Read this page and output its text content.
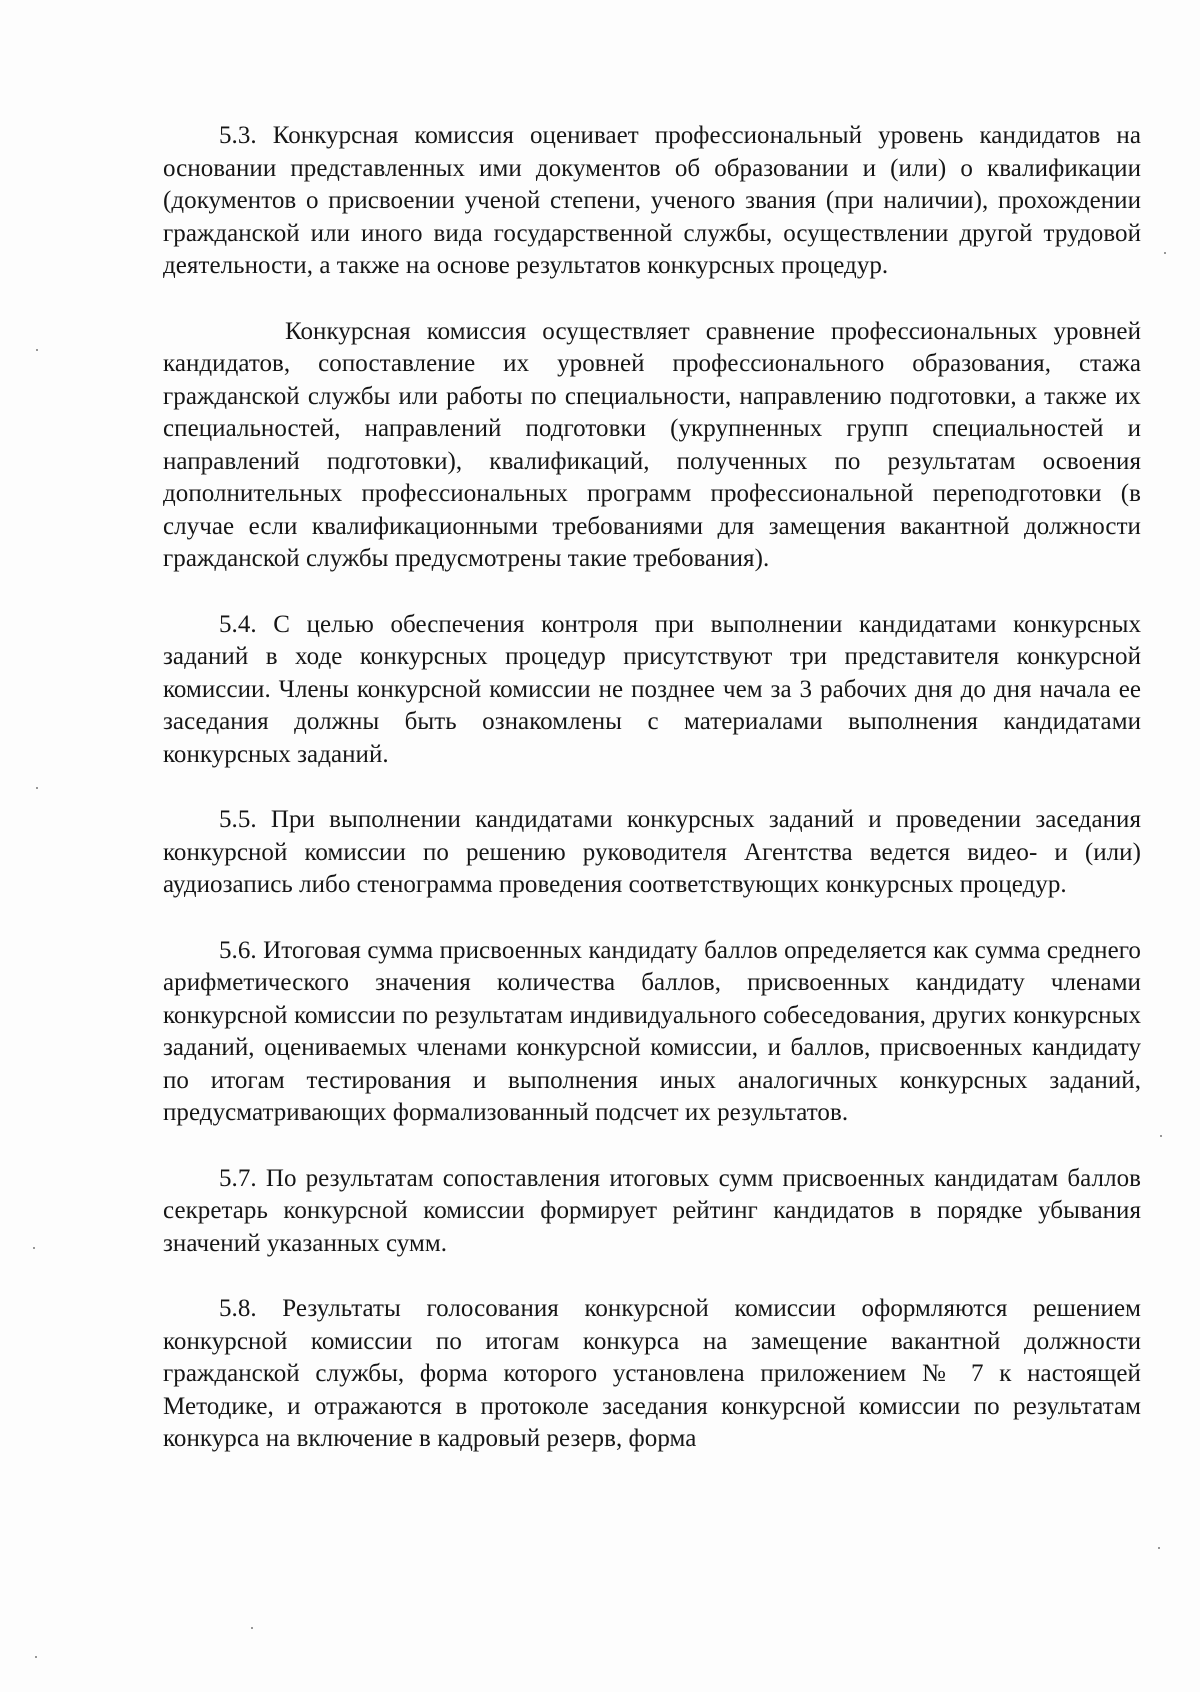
5.3. Конкурсная комиссия оценивает профессиональный уровень кандидатов на основании представленных ими документов об образовании и (или) о квалификации (документов о присвоении ученой степени, ученого звания (при наличии), прохождении гражданской или иного вида государственной службы, осуществлении другой трудовой деятельности, а также на основе результатов конкурсных процедур.

Конкурсная комиссия осуществляет сравнение профессиональных уровней кандидатов, сопоставление их уровней профессионального образования, стажа гражданской службы или работы по специальности, направлению подготовки, а также их специальностей, направлений подготовки (укрупненных групп специальностей и направлений подготовки), квалификаций, полученных по результатам освоения дополнительных профессиональных программ профессиональной переподготовки (в случае если квалификационными требованиями для замещения вакантной должности гражданской службы предусмотрены такие требования).

5.4. С целью обеспечения контроля при выполнении кандидатами конкурсных заданий в ходе конкурсных процедур присутствуют три представителя конкурсной комиссии. Члены конкурсной комиссии не позднее чем за 3 рабочих дня до дня начала ее заседания должны быть ознакомлены с материалами выполнения кандидатами конкурсных заданий.

5.5. При выполнении кандидатами конкурсных заданий и проведении заседания конкурсной комиссии по решению руководителя Агентства ведется видео- и (или) аудиозапись либо стенограмма проведения соответствующих конкурсных процедур.

5.6. Итоговая сумма присвоенных кандидату баллов определяется как сумма среднего арифметического значения количества баллов, присвоенных кандидату членами конкурсной комиссии по результатам индивидуального собеседования, других конкурсных заданий, оцениваемых членами конкурсной комиссии, и баллов, присвоенных кандидату по итогам тестирования и выполнения иных аналогичных конкурсных заданий, предусматривающих формализованный подсчет их результатов.

5.7. По результатам сопоставления итоговых сумм присвоенных кандидатам баллов секретарь конкурсной комиссии формирует рейтинг кандидатов в порядке убывания значений указанных сумм.

5.8. Результаты голосования конкурсной комиссии оформляются решением конкурсной комиссии по итогам конкурса на замещение вакантной должности гражданской службы, форма которого установлена приложением № 7 к настоящей Методике, и отражаются в протоколе заседания конкурсной комиссии по результатам конкурса на включение в кадровый резерв, форма
